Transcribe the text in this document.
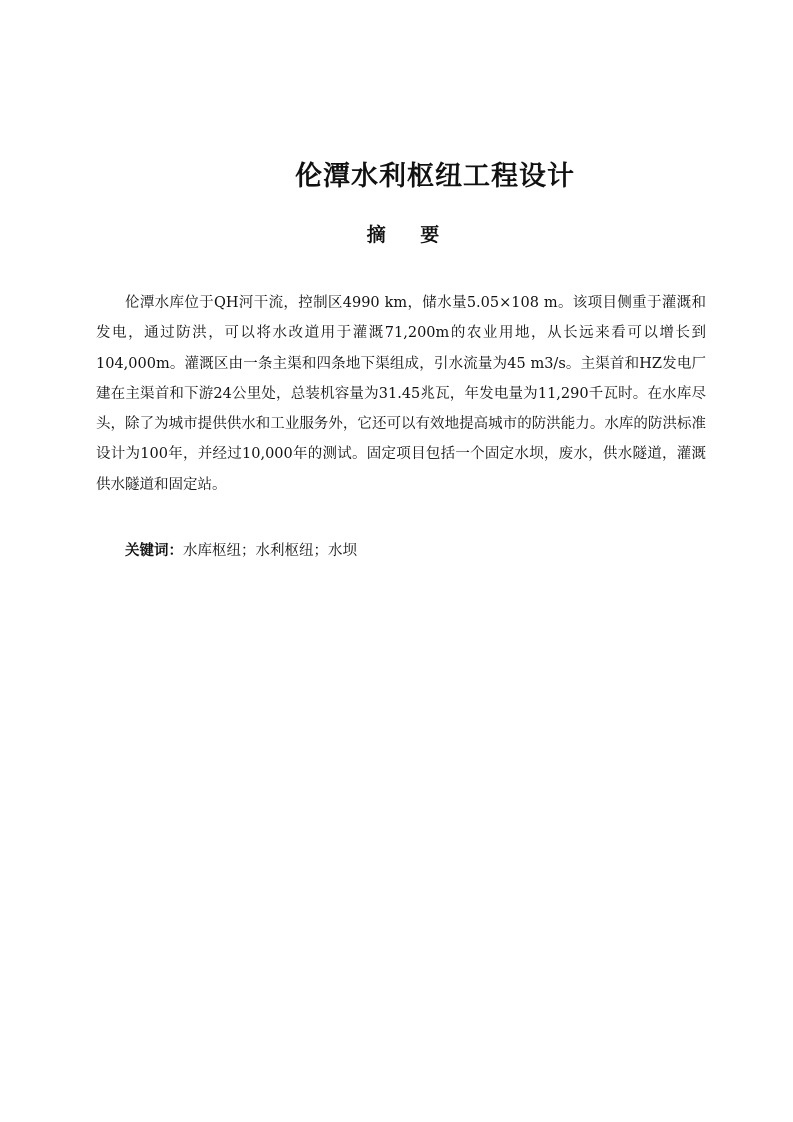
伦潭水利枢纽工程设计
摘 要

伦潭水库位于QH河干流，控制区4990 km，储水量5.05×108 m。该项目侧重于灌溉和发电，通过防洪，可以将水改道用于灌溉71,200m的农业用地，从长远来看可以增长到104,000m。灌溉区由一条主渠和四条地下渠组成，引水流量为45 m3/s。主渠首和HZ发电厂建在主渠首和下游24公里处，总装机容量为31.45兆瓦，年发电量为11,290千瓦时。在水库尽头，除了为城市提供供水和工业服务外，它还可以有效地提高城市的防洪能力。水库的防洪标准设计为100年，并经过10,000年的测试。固定项目包括一个固定水坝，废水，供水隧道，灌溉供水隧道和固定站。

关键词：水库枢纽；水利枢纽；水坝
